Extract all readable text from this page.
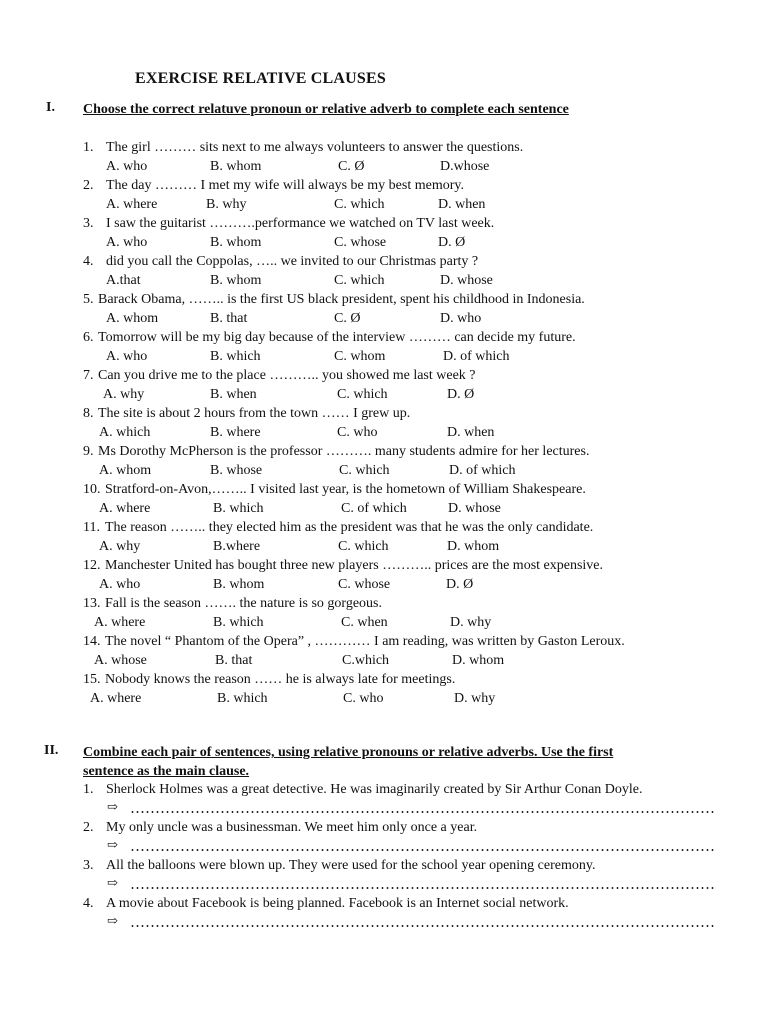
EXERCISE RELATIVE CLAUSES
I. Choose the correct relatuve pronoun or relative adverb to complete each sentence
1. The girl ……… sits next to me always volunteers to answer the questions.
A. who	B. whom	C. Ø	D.whose
2. The day ……… I met my wife will always be my best memory.
A. where	B. why	C. which	D. when
3. I saw the guitarist ……….performance we watched on TV last week.
A. who	B. whom	C. whose	D. Ø
4. did you call the Coppolas, ….. we invited to our Christmas party ?
A.that	B. whom	C. which	D. whose
5. Barack Obama, …….. is the first US black president, spent his childhood in Indonesia.
A. whom	B. that	C. Ø	D. who
6. Tomorrow will be my big day because of the interview ……… can decide my future.
A. who	B. which	C. whom	D. of which
7. Can you drive me to the place ……….. you showed me last week ?
A. why	B. when	C. which	D. Ø
8. The site is about 2 hours from the town …… I grew up.
A. which	B. where	C. who	D. when
9. Ms Dorothy McPherson is the professor ………. many students admire for her lectures.
A. whom	B. whose	C. which	D. of which
10. Stratford-on-Avon,…….. I visited last year, is the hometown of William Shakespeare.
A. where	B. which	C. of which	D. whose
11. The reason …….. they elected him as the president was that he was the only candidate.
A. why	B.where	C. which	D. whom
12. Manchester United has bought three new players ……….. prices are the most expensive.
A. who	B. whom	C. whose	D. Ø
13. Fall is the season ……. the nature is so gorgeous.
A. where	B. which	C. when	D. why
14. The novel “ Phantom of the Opera” , ………… I am reading, was written by Gaston Leroux.
A. whose	B. that	C.which	D. whom
15. Nobody knows the reason …… he is always late for meetings.
A. where	B. which	C. who	D. why
II. Combine each pair of sentences, using relative pronouns or relative adverbs. Use the first
sentence as the main clause.
1. Sherlock Holmes was a great detective. He was imaginarily created by Sir Arthur Conan Doyle.
⇨
2. My only uncle was a businessman. We meet him only once a year.
⇨
3. All the balloons were blown up. They were used for the school year opening ceremony.
⇨
4. A movie about Facebook is being planned. Facebook is an Internet social network.
⇨
